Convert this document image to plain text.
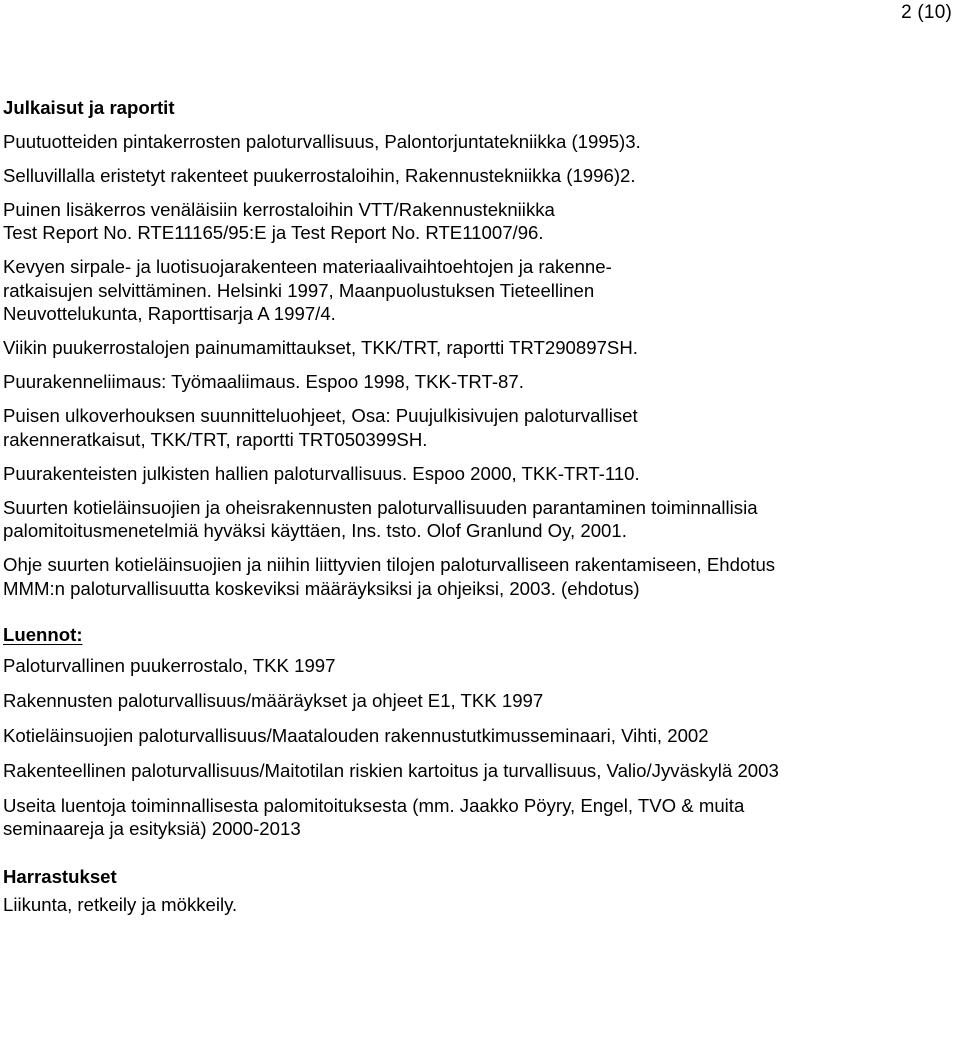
2 (10)

Julkaisut ja raportit

Puutuotteiden pintakerrosten paloturvallisuus, Palontorjuntatekniikka (1995)3.

Selluvillalla eristetyt rakenteet puukerrostaloihin, Rakennustekniikka (1996)2.

Puinen lisäkerros venäläisiin kerrostaloihin VTT/Rakennustekniikka
Test Report No. RTE11165/95:E ja Test Report No. RTE11007/96.

Kevyen sirpale- ja luotisuojarakenteen materiaalivaihtoehtojen ja rakenne-
ratkaisujen selvittäminen. Helsinki 1997, Maanpuolustuksen Tieteellinen
Neuvottelukunta, Raporttisarja A 1997/4.

Viikin puukerrostalojen painumamittaukset, TKK/TRT, raportti TRT290897SH.

Puurakenneliimaus: Työmaaliimaus. Espoo 1998, TKK-TRT-87.

Puisen ulkoverhouksen suunnitteluohjeet, Osa: Puujulkisivujen paloturvalliset
rakenneratkaisut, TKK/TRT, raportti TRT050399SH.

Puurakenteisten julkisten hallien paloturvallisuus. Espoo 2000, TKK-TRT-110.

Suurten kotieläinsuojien ja oheisrakennusten paloturvallisuuden parantaminen toiminnallisia
palomitoitusmenetelmiä hyväksi käyttäen, Ins. tsto. Olof Granlund Oy, 2001.

Ohje suurten kotieläinsuojien ja niihin liittyvien tilojen paloturvalliseen rakentamiseen, Ehdotus
MMM:n paloturvallisuutta koskeviksi määräyksiksi ja ohjeiksi, 2003. (ehdotus)

Luennot:

Paloturvallinen puukerrostalo, TKK 1997

Rakennusten paloturvallisuus/määräykset ja ohjeet E1, TKK 1997

Kotieläinsuojien paloturvallisuus/Maatalouden rakennustutkimusseminaari, Vihti, 2002

Rakenteellinen paloturvallisuus/Maitotilan riskien kartoitus ja turvallisuus, Valio/Jyväskylä 2003

Useita luentoja toiminnallisesta palomitoituksesta (mm. Jaakko Pöyry, Engel, TVO & muita
seminaareja ja esityksiä) 2000-2013

Harrastukset

Liikunta, retkeily ja mökkeily.
